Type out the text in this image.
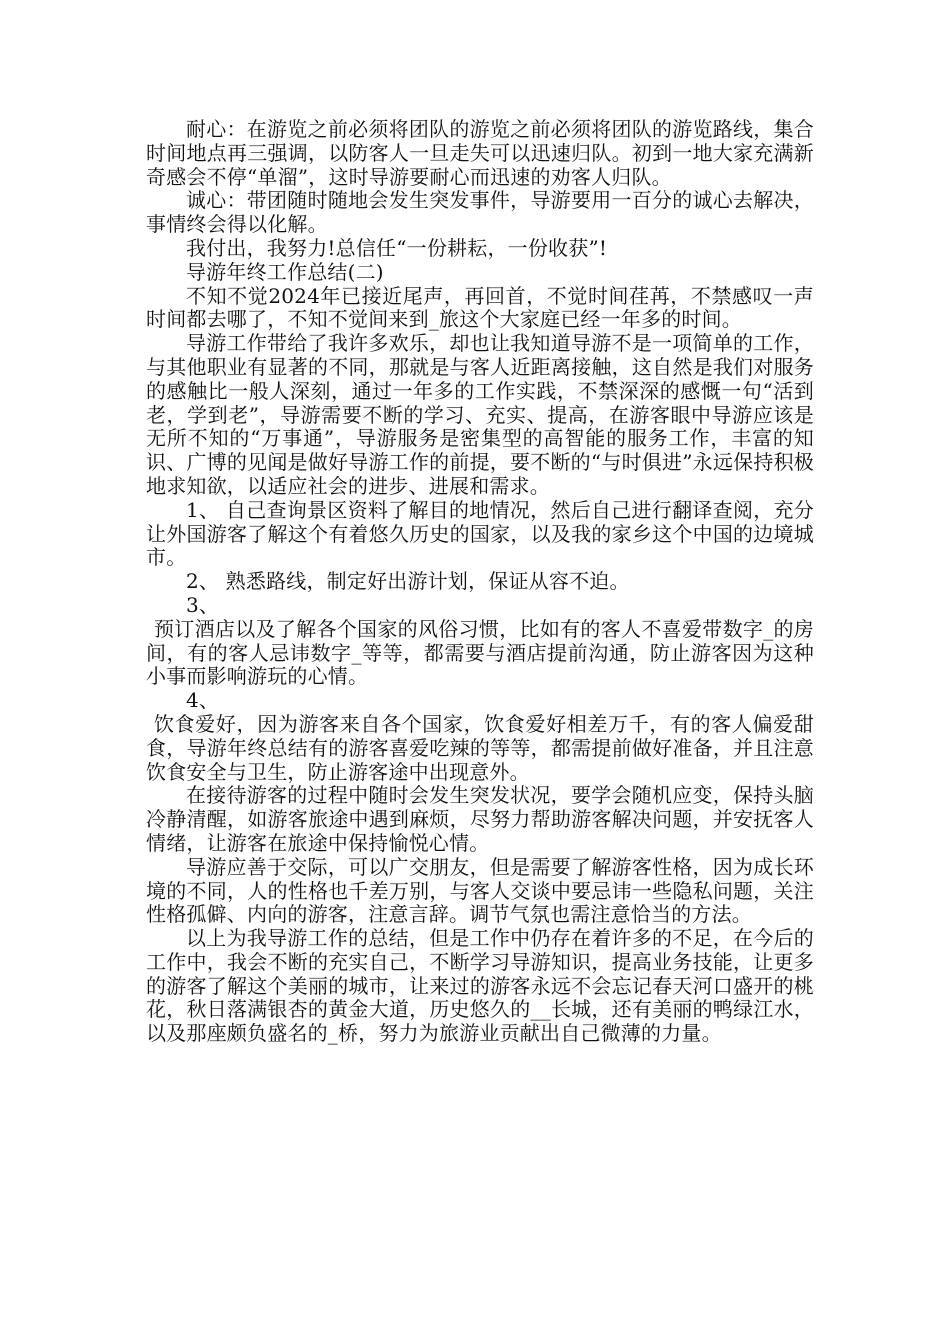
耐心：在游览之前必须将团队的游览之前必须将团队的游览路线，集合时间地点再三强调，以防客人一旦走失可以迅速归队。初到一地大家充满新奇感会不停“单溜”，这时导游要耐心而迅速的劝客人归队。

诚心：带团随时随地会发生突发事件，导游要用一百分的诚心去解决，事情终会得以化解。

我付出，我努力!总信任“一份耕耘，一份收获”!

导游年终工作总结(二)

不知不觉2024年已接近尾声，再回首，不觉时间荏苒，不禁感叹一声时间都去哪了，不知不觉间来到_旅这个大家庭已经一年多的时间。

导游工作带给了我许多欢乐，却也让我知道导游不是一项简单的工作，与其他职业有显著的不同，那就是与客人近距离接触，这自然是我们对服务的感触比一般人深刻，通过一年多的工作实践，不禁深深的感慨一句“活到老，学到老”，导游需要不断的学习、充实、提高，在游客眼中导游应该是无所不知的“万事通”，导游服务是密集型的高智能的服务工作，丰富的知识、广博的见闻是做好导游工作的前提，要不断的“与时俱进”永远保持积极地求知欲，以适应社会的进步、进展和需求。

1、 自己查询景区资料了解目的地情况，然后自己进行翻译查阅，充分让外国游客了解这个有着悠久历史的国家，以及我的家乡这个中国的边境城市。

2、 熟悉路线，制定好出游计划，保证从容不迫。

3、

预订酒店以及了解各个国家的风俗习惯，比如有的客人不喜爱带数字_的房间，有的客人忌讳数字_等等，都需要与酒店提前沟通，防止游客因为这种小事而影响游玩的心情。

4、

饮食爱好，因为游客来自各个国家，饮食爱好相差万千，有的客人偏爱甜食，导游年终总结有的游客喜爱吃辣的等等，都需提前做好准备，并且注意饮食安全与卫生，防止游客途中出现意外。

在接待游客的过程中随时会发生突发状况，要学会随机应变，保持头脑冷静清醒，如游客旅途中遇到麻烦，尽努力帮助游客解决问题，并安抚客人情绪，让游客在旅途中保持愉悦心情。

导游应善于交际，可以广交朋友，但是需要了解游客性格，因为成长环境的不同，人的性格也千差万别，与客人交谈中要忌讳一些隐私问题，关注性格孤僻、内向的游客，注意言辞。调节气氛也需注意恰当的方法。

以上为我导游工作的总结，但是工作中仍存在着许多的不足，在今后的工作中，我会不断的充实自己，不断学习导游知识，提高业务技能，让更多的游客了解这个美丽的城市，让来过的游客永远不会忘记春天河口盛开的桃花，秋日落满银杏的黄金大道，历史悠久的__长城，还有美丽的鸭绿江水，以及那座颇负盛名的_桥，努力为旅游业贡献出自己微薄的力量。
